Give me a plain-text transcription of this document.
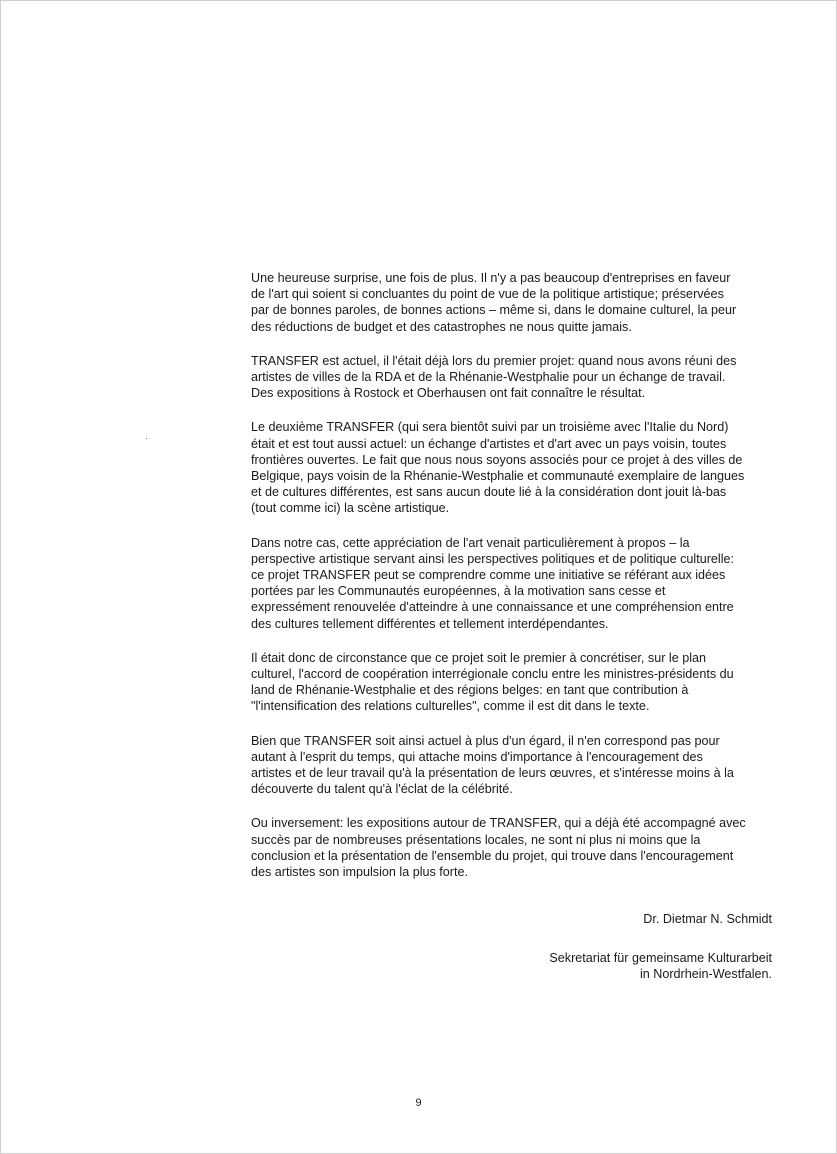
Une heureuse surprise, une fois de plus. Il n'y a pas beaucoup d'entreprises en faveur
de l'art qui soient si concluantes du point de vue de la politique artistique; préservées
par de bonnes paroles, de bonnes actions – même si, dans le domaine culturel, la peur
des réductions de budget et des catastrophes ne nous quitte jamais.

TRANSFER est actuel, il l'était déjà lors du premier projet: quand nous avons réuni des
artistes de villes de la RDA et de la Rhénanie-Westphalie pour un échange de travail.
Des expositions à Rostock et Oberhausen ont fait connaître le résultat.

Le deuxième TRANSFER (qui sera bientôt suivi par un troisième avec l'Italie du Nord)
était et est tout aussi actuel: un échange d'artistes et d'art avec un pays voisin, toutes
frontières ouvertes. Le fait que nous nous soyons associés pour ce projet à des villes de
Belgique, pays voisin de la Rhénanie-Westphalie et communauté exemplaire de langues
et de cultures différentes, est sans aucun doute lié à la considération dont jouit là-bas
(tout comme ici) la scène artistique.

Dans notre cas, cette appréciation de l'art venait particulièrement à propos – la
perspective artistique servant ainsi les perspectives politiques et de politique culturelle:
ce projet TRANSFER peut se comprendre comme une initiative se référant aux idées
portées par les Communautés européennes, à la motivation sans cesse et
expressément renouvelée d'atteindre à une connaissance et une compréhension entre
des cultures tellement différentes et tellement interdépendantes.

Il était donc de circonstance que ce projet soit le premier à concrétiser, sur le plan
culturel, l'accord de coopération interrégionale conclu entre les ministres-présidents du
land de Rhénanie-Westphalie et des régions belges: en tant que contribution à
"l'intensification des relations culturelles", comme il est dit dans le texte.

Bien que TRANSFER soit ainsi actuel à plus d'un égard, il n'en correspond pas pour
autant à l'esprit du temps, qui attache moins d'importance à l'encouragement des
artistes et de leur travail qu'à la présentation de leurs œuvres, et s'intéresse moins à la
découverte du talent qu'à l'éclat de la célébrité.

Ou inversement: les expositions autour de TRANSFER, qui a déjà été accompagné avec
succès par de nombreuses présentations locales, ne sont ni plus ni moins que la
conclusion et la présentation de l'ensemble du projet, qui trouve dans l'encouragement
des artistes son impulsion la plus forte.

Dr. Dietmar N. Schmidt
Sekretariat für gemeinsame Kulturarbeit
in Nordrhein-Westfalen.
9
